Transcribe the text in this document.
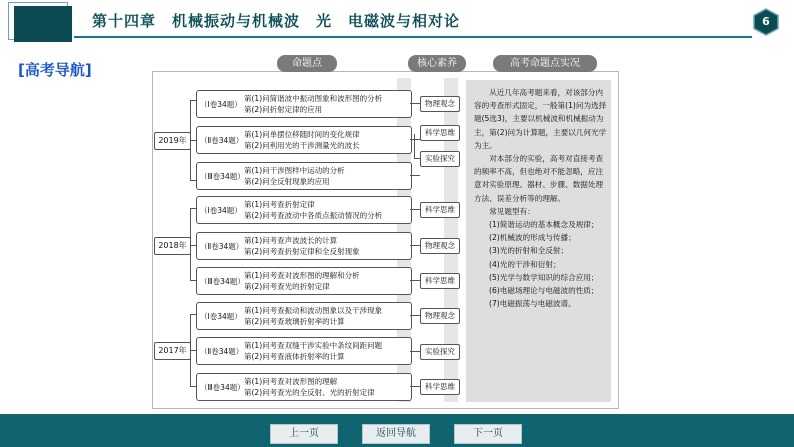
第十四章　机械振动与机械波　光　电磁波与相对论	6
[高考导航]	命题点	核心素养	高考命题点实况
2019年
2018年
2017年
（Ⅰ卷34题）
第(1)问简谐波中振动图象和波形图的分析
第(2)问折射定律的应用
（Ⅱ卷34题）
第(1)问单摆位移随时间的变化规律
第(2)问利用光的干涉测量光的波长
（Ⅲ卷34题）
第(1)问干涉图样中运动的分析
第(2)问全反射现象的应用
（Ⅰ卷34题）
第(1)问考查折射定律
第(2)问考查波动中各质点振动情况的分析
（Ⅱ卷34题）
第(1)问考查声波波长的计算
第(2)问考查折射定律和全反射现象
（Ⅲ卷34题）
第(1)问考查对波形图的理解和分析
第(2)问考查光的折射定律
（Ⅰ卷34题）
第(1)问考查振动和波动图象以及干涉现象
第(2)问考查玻璃折射率的计算
（Ⅱ卷34题）
第(1)问考查双缝干涉实验中条纹间距问题
第(2)问考查液体折射率的计算
（Ⅲ卷34题）
第(1)问考查对波形图的理解
第(2)问考查光的全反射、光的折射定律
物理观念
科学思维
实验探究
科学思维
物理观念
科学思维
物理观念
实验探究
科学思维

从近几年高考题来看，对该部分内容的考查形式固定，一般第(1)问为选择题(5选3)，主要以机械波和机械振动为主，第(2)问为计算题，主要以几何光学为主。

对本部分的实验，高考对直接考查的频率不高，但也绝对不能忽略，应注意对实验原理、器材、步骤、数据处理方法、误差分析等的理解。

常见题型有：

(1)简谐运动的基本概念及规律；

(2)机械波的形成与传播；

(3)光的折射和全反射；

(4)光的干涉和衍射；

(5)光学与数学知识的综合应用；

(6)电磁场理论与电磁波的性质；

(7)电磁振荡与电磁波谱。

上一页	返回导航	下一页
